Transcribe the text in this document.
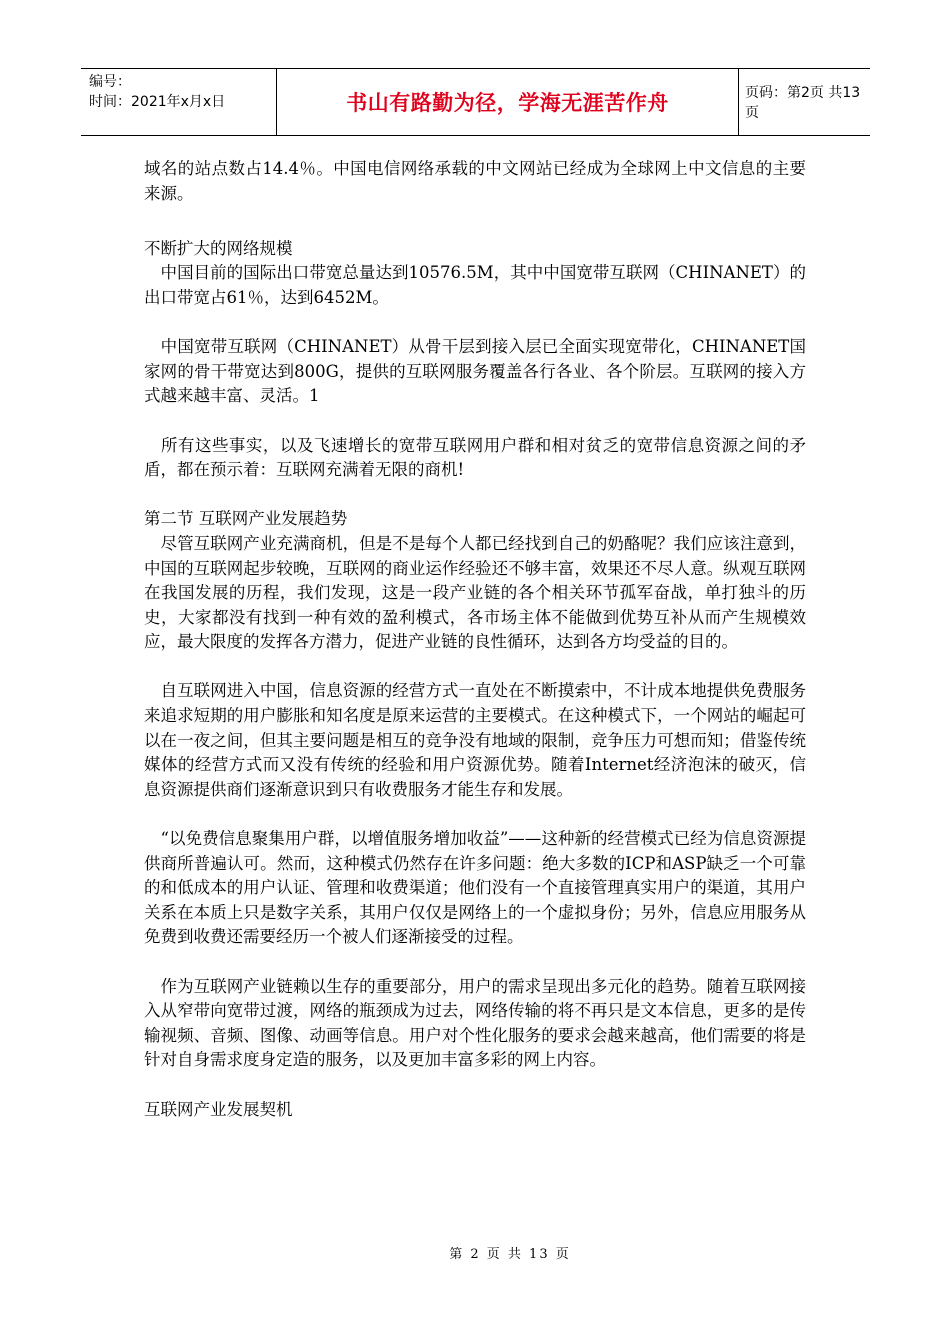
编号：
时间：2021年x月x日	书山有路勤为径，学海无涯苦作舟	页码：第2页 共13页

域名的站点数占14.4％。中国电信网络承载的中文网站已经成为全球网上中文信息的主要来源。

不断扩大的网络规模

　中国目前的国际出口带宽总量达到10576.5M，其中中国宽带互联网（CHINANET）的出口带宽占61％，达到6452M。

　中国宽带互联网（CHINANET）从骨干层到接入层已全面实现宽带化，CHINANET国家网的骨干带宽达到800G，提供的互联网服务覆盖各行各业、各个阶层。互联网的接入方式越来越丰富、灵活。1

　所有这些事实，以及飞速增长的宽带互联网用户群和相对贫乏的宽带信息资源之间的矛盾，都在预示着：互联网充满着无限的商机!

第二节 互联网产业发展趋势

　尽管互联网产业充满商机，但是不是每个人都已经找到自己的奶酪呢？我们应该注意到，中国的互联网起步较晚，互联网的商业运作经验还不够丰富，效果还不尽人意。纵观互联网在我国发展的历程，我们发现，这是一段产业链的各个相关环节孤军奋战，单打独斗的历史，大家都没有找到一种有效的盈利模式，各市场主体不能做到优势互补从而产生规模效应，最大限度的发挥各方潜力，促进产业链的良性循环，达到各方均受益的目的。

　自互联网进入中国，信息资源的经营方式一直处在不断摸索中，不计成本地提供免费服务来追求短期的用户膨胀和知名度是原来运营的主要模式。在这种模式下，一个网站的崛起可以在一夜之间，但其主要问题是相互的竞争没有地域的限制，竞争压力可想而知；借鉴传统媒体的经营方式而又没有传统的经验和用户资源优势。随着Internet经济泡沫的破灭，信息资源提供商们逐渐意识到只有收费服务才能生存和发展。

　“以免费信息聚集用户群，以增值服务增加收益”——这种新的经营模式已经为信息资源提供商所普遍认可。然而，这种模式仍然存在许多问题：绝大多数的ICP和ASP缺乏一个可靠的和低成本的用户认证、管理和收费渠道；他们没有一个直接管理真实用户的渠道，其用户关系在本质上只是数字关系，其用户仅仅是网络上的一个虚拟身份；另外，信息应用服务从免费到收费还需要经历一个被人们逐渐接受的过程。

　作为互联网产业链赖以生存的重要部分，用户的需求呈现出多元化的趋势。随着互联网接入从窄带向宽带过渡，网络的瓶颈成为过去，网络传输的将不再只是文本信息，更多的是传输视频、音频、图像、动画等信息。用户对个性化服务的要求会越来越高，他们需要的将是针对自身需求度身定造的服务，以及更加丰富多彩的网上内容。

互联网产业发展契机

第 2 页 共 13 页
